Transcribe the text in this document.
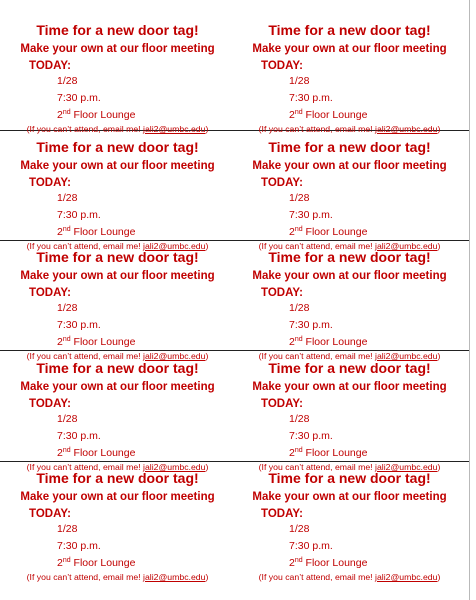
Time for a new door tag!
Make your own at our floor meeting
TODAY:
1/28
7:30 p.m.
2nd Floor Lounge
(If you can’t attend, email me! jali2@umbc.edu)
Time for a new door tag!
Make your own at our floor meeting
TODAY:
1/28
7:30 p.m.
2nd Floor Lounge
(If you can’t attend, email me! jali2@umbc.edu)
Time for a new door tag!
Make your own at our floor meeting
TODAY:
1/28
7:30 p.m.
2nd Floor Lounge
(If you can’t attend, email me! jali2@umbc.edu)
Time for a new door tag!
Make your own at our floor meeting
TODAY:
1/28
7:30 p.m.
2nd Floor Lounge
(If you can’t attend, email me! jali2@umbc.edu)
Time for a new door tag!
Make your own at our floor meeting
TODAY:
1/28
7:30 p.m.
2nd Floor Lounge
(If you can’t attend, email me! jali2@umbc.edu)
Time for a new door tag!
Make your own at our floor meeting
TODAY:
1/28
7:30 p.m.
2nd Floor Lounge
(If you can’t attend, email me! jali2@umbc.edu)
Time for a new door tag!
Make your own at our floor meeting
TODAY:
1/28
7:30 p.m.
2nd Floor Lounge
(If you can’t attend, email me! jali2@umbc.edu)
Time for a new door tag!
Make your own at our floor meeting
TODAY:
1/28
7:30 p.m.
2nd Floor Lounge
(If you can’t attend, email me! jali2@umbc.edu)
Time for a new door tag!
Make your own at our floor meeting
TODAY:
1/28
7:30 p.m.
2nd Floor Lounge
(If you can’t attend, email me! jali2@umbc.edu)
Time for a new door tag!
Make your own at our floor meeting
TODAY:
1/28
7:30 p.m.
2nd Floor Lounge
(If you can’t attend, email me! jali2@umbc.edu)
